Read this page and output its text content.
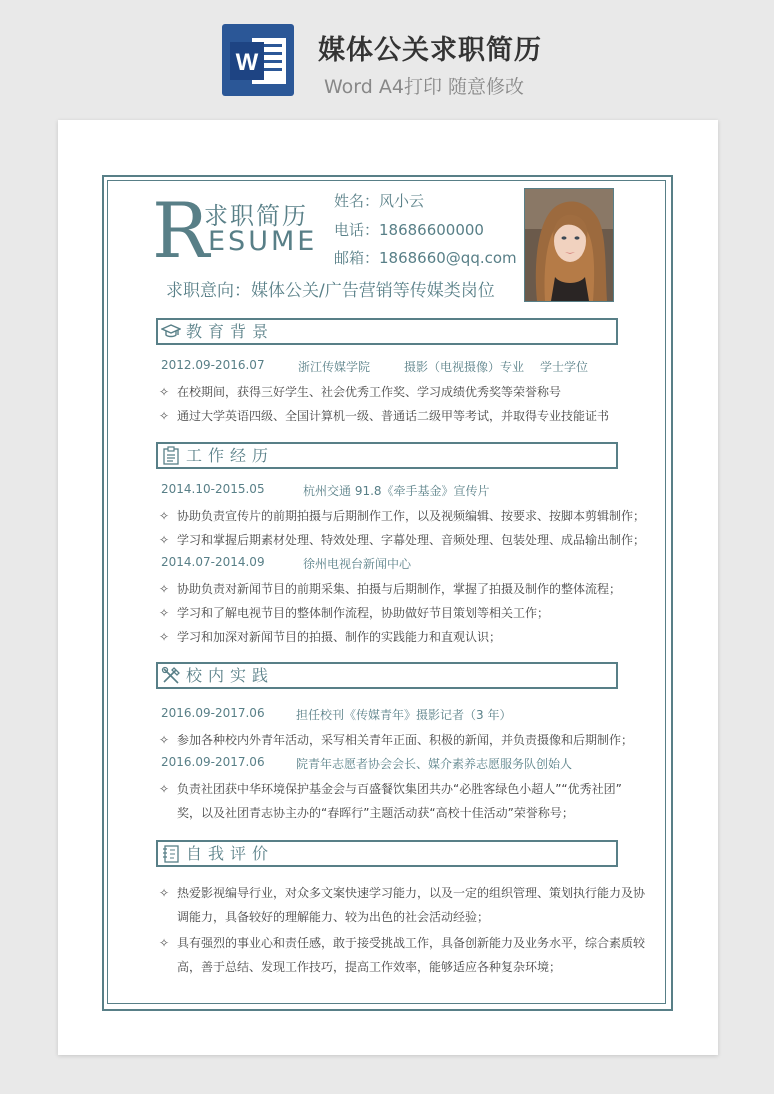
W 媒体公关求职简历
Word A4打印 随意修改
R
求职简历
ESUME
姓名：风小云
电话：18686600000
邮箱：1868660@qq.com
求职意向：媒体公关/广告营销等传媒类岗位
教育背景
2012.09-2016.07	浙江传媒学院	摄影（电视摄像）专业 学士学位
✧ 在校期间，获得三好学生、社会优秀工作奖、学习成绩优秀奖等荣誉称号
✧ 通过大学英语四级、全国计算机一级、普通话二级甲等考试，并取得专业技能证书
工作经历
2014.10-2015.05	杭州交通 91.8《牵手基金》宣传片
✧ 协助负责宣传片的前期拍摄与后期制作工作，以及视频编辑、按要求、按脚本剪辑制作；
✧ 学习和掌握后期素材处理、特效处理、字幕处理、音频处理、包装处理、成品输出制作；
2014.07-2014.09	徐州电视台新闻中心
✧ 协助负责对新闻节目的前期采集、拍摄与后期制作，掌握了拍摄及制作的整体流程；
✧ 学习和了解电视节目的整体制作流程，协助做好节目策划等相关工作；
✧ 学习和加深对新闻节目的拍摄、制作的实践能力和直观认识；
校内实践
2016.09-2017.06	担任校刊《传媒青年》摄影记者（3 年）
✧ 参加各种校内外青年活动，采写相关青年正面、积极的新闻，并负责摄像和后期制作；
2016.09-2017.06	院青年志愿者协会会长、媒介素养志愿服务队创始人
✧ 负责社团获中华环境保护基金会与百盛餐饮集团共办“必胜客绿色小超人”“优秀社团”
奖，以及社团青志协主办的“春晖行”主题活动获“高校十佳活动”荣誉称号；
自我评价
✧ 热爱影视编导行业，对众多文案快速学习能力，以及一定的组织管理、策划执行能力及协
调能力，具备较好的理解能力、较为出色的社会活动经验；
✧ 具有强烈的事业心和责任感，敢于接受挑战工作，具备创新能力及业务水平，综合素质较
高，善于总结、发现工作技巧，提高工作效率，能够适应各种复杂环境；
